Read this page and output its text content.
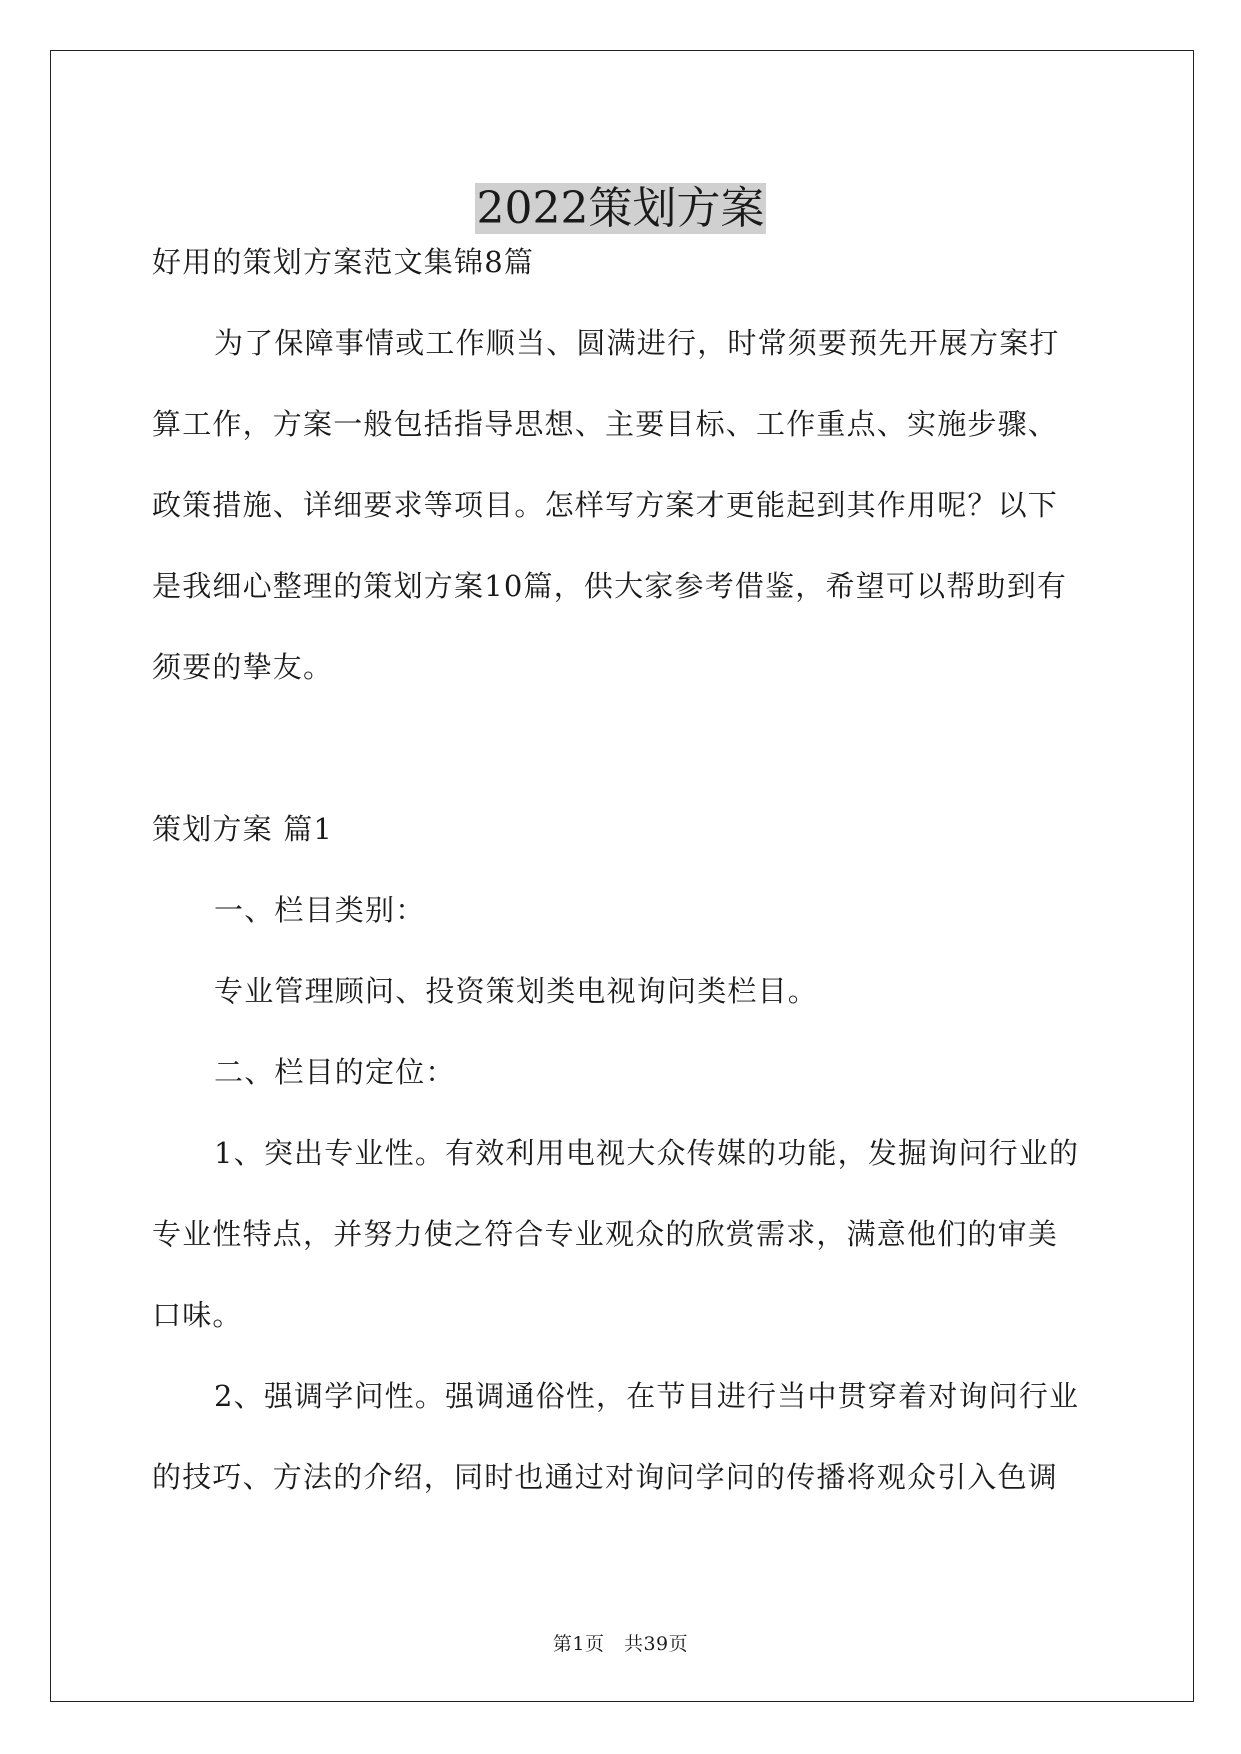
2022策划方案

好用的策划方案范文集锦8篇

为了保障事情或工作顺当、圆满进行，时常须要预先开展方案打

算工作，方案一般包括指导思想、主要目标、工作重点、实施步骤、

政策措施、详细要求等项目。怎样写方案才更能起到其作用呢？以下

是我细心整理的策划方案10篇，供大家参考借鉴，希望可以帮助到有

须要的挚友。

策划方案 篇1

一、栏目类别：

专业管理顾问、投资策划类电视询问类栏目。

二、栏目的定位：

1、突出专业性。有效利用电视大众传媒的功能，发掘询问行业的

专业性特点，并努力使之符合专业观众的欣赏需求，满意他们的审美

口味。

2、强调学问性。强调通俗性，在节目进行当中贯穿着对询问行业

的技巧、方法的介绍，同时也通过对询问学问的传播将观众引入色调

第1页　共39页
